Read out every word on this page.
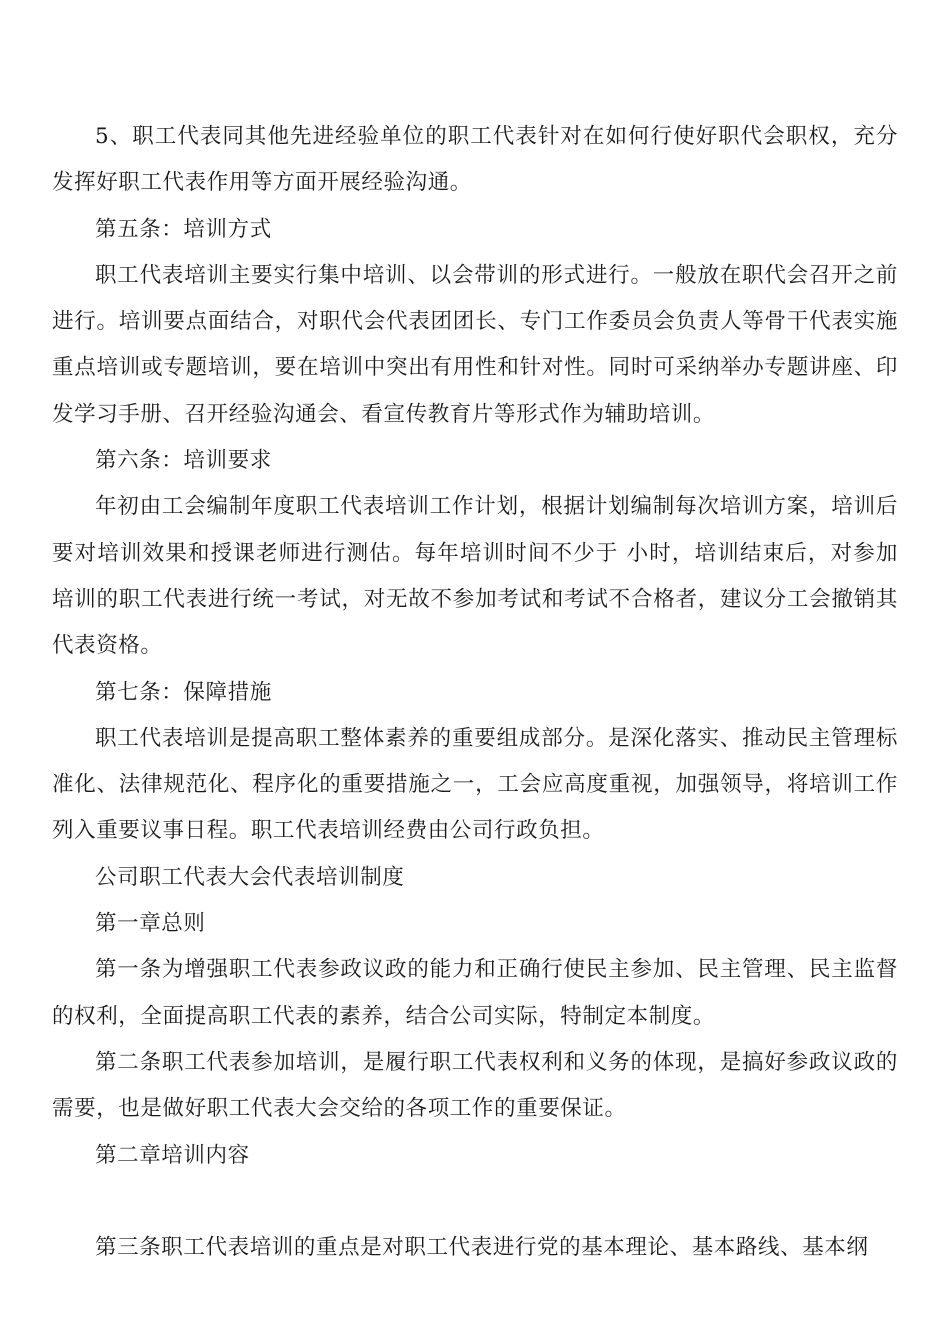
5、职工代表同其他先进经验单位的职工代表针对在如何行使好职代会职权，充分发挥好职工代表作用等方面开展经验沟通。

第五条：培训方式

职工代表培训主要实行集中培训、以会带训的形式进行。一般放在职代会召开之前进行。培训要点面结合，对职代会代表团团长、专门工作委员会负责人等骨干代表实施重点培训或专题培训，要在培训中突出有用性和针对性。同时可采纳举办专题讲座、印发学习手册、召开经验沟通会、看宣传教育片等形式作为辅助培训。

第六条：培训要求

年初由工会编制年度职工代表培训工作计划，根据计划编制每次培训方案，培训后要对培训效果和授课老师进行测估。每年培训时间不少于 小时，培训结束后，对参加培训的职工代表进行统一考试，对无故不参加考试和考试不合格者，建议分工会撤销其代表资格。

第七条：保障措施

职工代表培训是提高职工整体素养的重要组成部分。是深化落实、推动民主管理标准化、法律规范化、程序化的重要措施之一，工会应高度重视，加强领导，将培训工作列入重要议事日程。职工代表培训经费由公司行政负担。

公司职工代表大会代表培训制度

第一章总则

第一条为增强职工代表参政议政的能力和正确行使民主参加、民主管理、民主监督的权利，全面提高职工代表的素养，结合公司实际，特制定本制度。

第二条职工代表参加培训，是履行职工代表权利和义务的体现，是搞好参政议政的需要，也是做好职工代表大会交给的各项工作的重要保证。

第二章培训内容

第三条职工代表培训的重点是对职工代表进行党的基本理论、基本路线、基本纲
